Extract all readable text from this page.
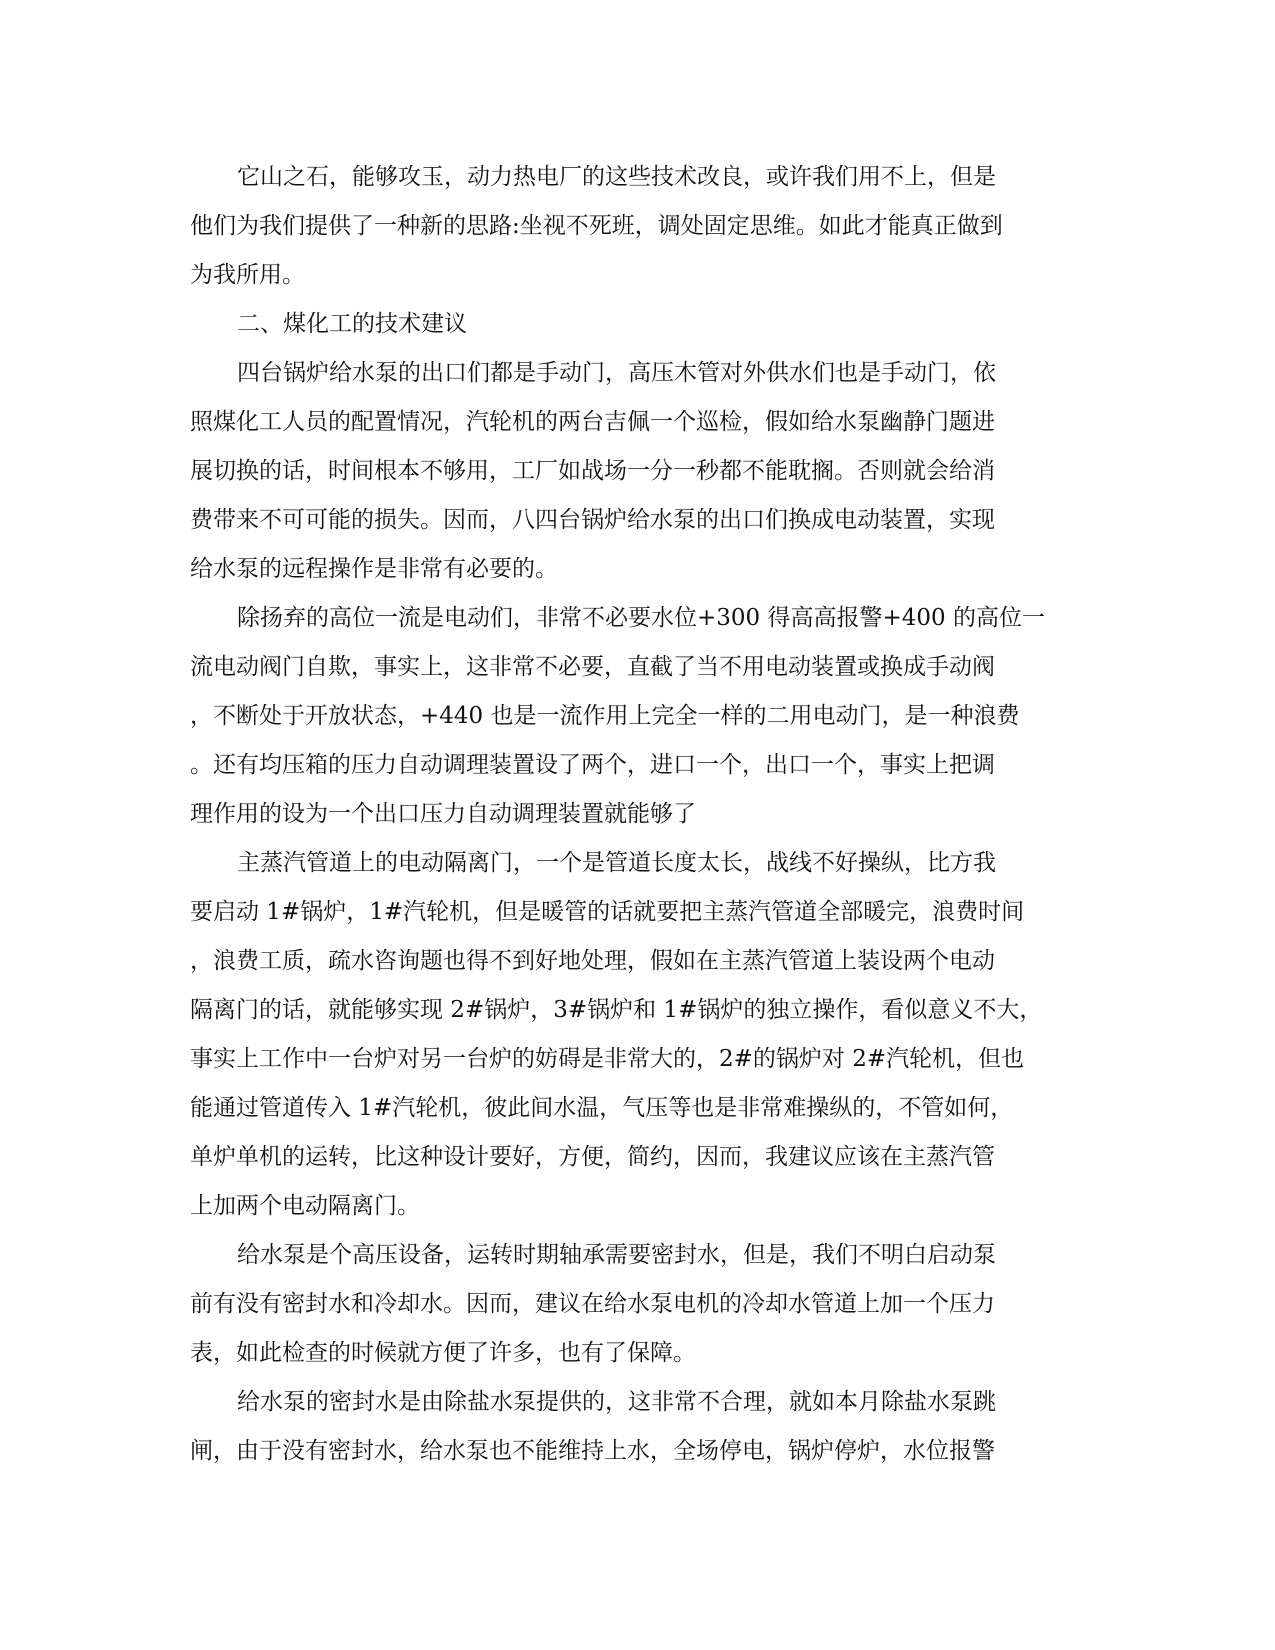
它山之石，能够攻玉，动力热电厂的这些技术改良，或许我们用不上，但是
他们为我们提供了一种新的思路:坐视不死班，调处固定思维。如此才能真正做到
为我所用。
二、煤化工的技术建议
四台锅炉给水泵的出口们都是手动门，高压木管对外供水们也是手动门，依
照煤化工人员的配置情况，汽轮机的两台吉佩一个巡检，假如给水泵幽静门题进
展切换的话，时间根本不够用，工厂如战场一分一秒都不能耽搁。否则就会给消
费带来不可可能的损失。因而，八四台锅炉给水泵的出口们换成电动装置，实现
给水泵的远程操作是非常有必要的。
除扬弃的高位一流是电动们，非常不必要水位+300 得高高报警+400 的高位一
流电动阀门自欺，事实上，这非常不必要，直截了当不用电动装置或换成手动阀
，不断处于开放状态，+440 也是一流作用上完全一样的二用电动门，是一种浪费
。还有均压箱的压力自动调理装置设了两个，进口一个，出口一个，事实上把调
理作用的设为一个出口压力自动调理装置就能够了
主蒸汽管道上的电动隔离门，一个是管道长度太长，战线不好操纵，比方我
要启动 1#锅炉，1#汽轮机，但是暖管的话就要把主蒸汽管道全部暖完，浪费时间
，浪费工质，疏水咨询题也得不到好地处理，假如在主蒸汽管道上装设两个电动
隔离门的话，就能够实现 2#锅炉，3#锅炉和 1#锅炉的独立操作，看似意义不大，
事实上工作中一台炉对另一台炉的妨碍是非常大的，2#的锅炉对 2#汽轮机，但也
能通过管道传入 1#汽轮机，彼此间水温，气压等也是非常难操纵的，不管如何，
单炉单机的运转，比这种设计要好，方便，简约，因而，我建议应该在主蒸汽管
上加两个电动隔离门。
给水泵是个高压设备，运转时期轴承需要密封水，但是，我们不明白启动泵
前有没有密封水和冷却水。因而，建议在给水泵电机的冷却水管道上加一个压力
表，如此检查的时候就方便了许多，也有了保障。
给水泵的密封水是由除盐水泵提供的，这非常不合理，就如本月除盐水泵跳
闸，由于没有密封水，给水泵也不能维持上水，全场停电，锅炉停炉，水位报警
